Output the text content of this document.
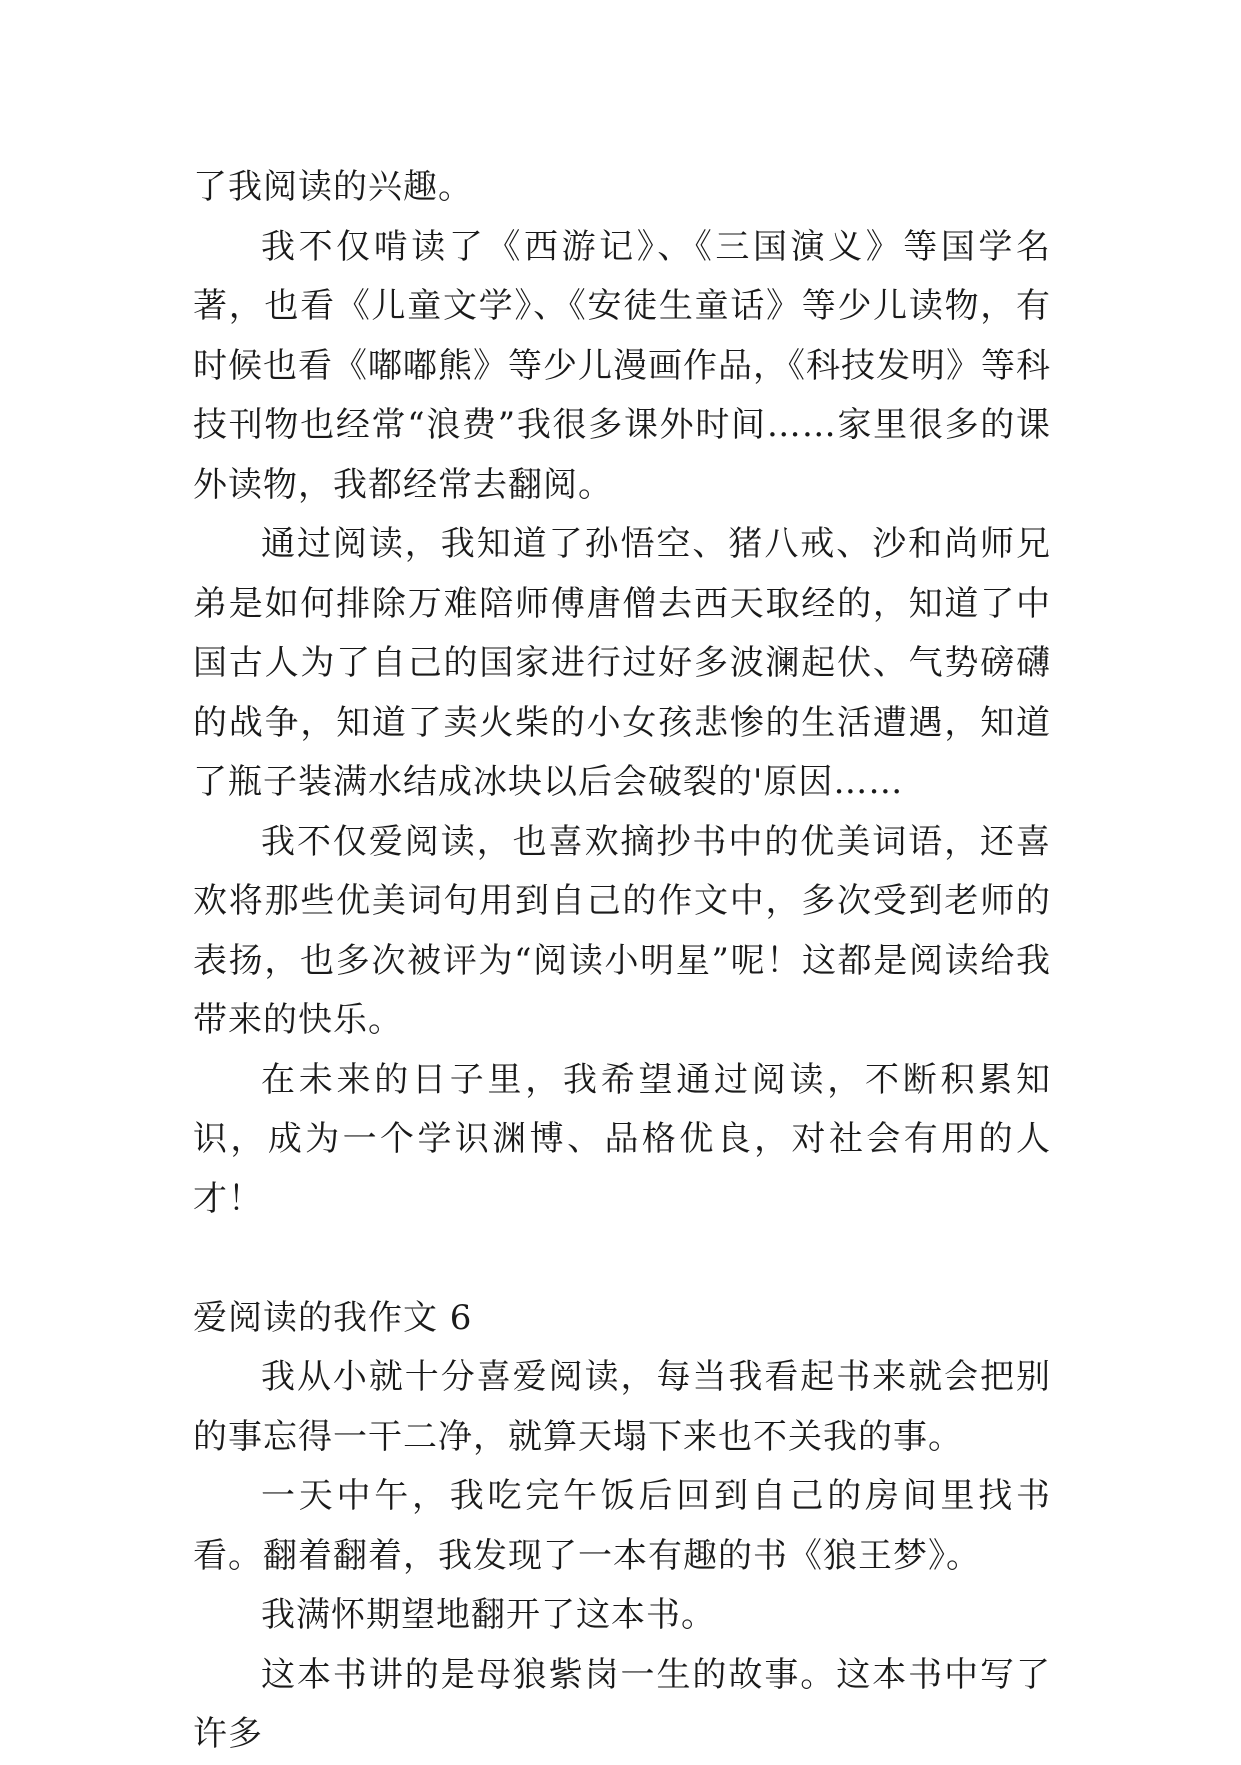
了我阅读的兴趣。

我不仅啃读了《西游记》、《三国演义》等国学名著，也看《儿童文学》、《安徒生童话》等少儿读物，有时候也看《嘟嘟熊》等少儿漫画作品，《科技发明》等科技刊物也经常“浪费”我很多课外时间……家里很多的课外读物，我都经常去翻阅。

通过阅读，我知道了孙悟空、猪八戒、沙和尚师兄弟是如何排除万难陪师傅唐僧去西天取经的，知道了中国古人为了自己的国家进行过好多波澜起伏、气势磅礴的战争，知道了卖火柴的小女孩悲惨的生活遭遇，知道了瓶子装满水结成冰块以后会破裂的'原因……

我不仅爱阅读，也喜欢摘抄书中的优美词语，还喜欢将那些优美词句用到自己的作文中，多次受到老师的表扬，也多次被评为“阅读小明星”呢！这都是阅读给我带来的快乐。

在未来的日子里，我希望通过阅读，不断积累知识，成为一个学识渊博、品格优良，对社会有用的人才！

爱阅读的我作文 6

我从小就十分喜爱阅读，每当我看起书来就会把别的事忘得一干二净，就算天塌下来也不关我的事。

一天中午，我吃完午饭后回到自己的房间里找书看。翻着翻着，我发现了一本有趣的书《狼王梦》。

我满怀期望地翻开了这本书。

这本书讲的是母狼紫岗一生的故事。这本书中写了许多
